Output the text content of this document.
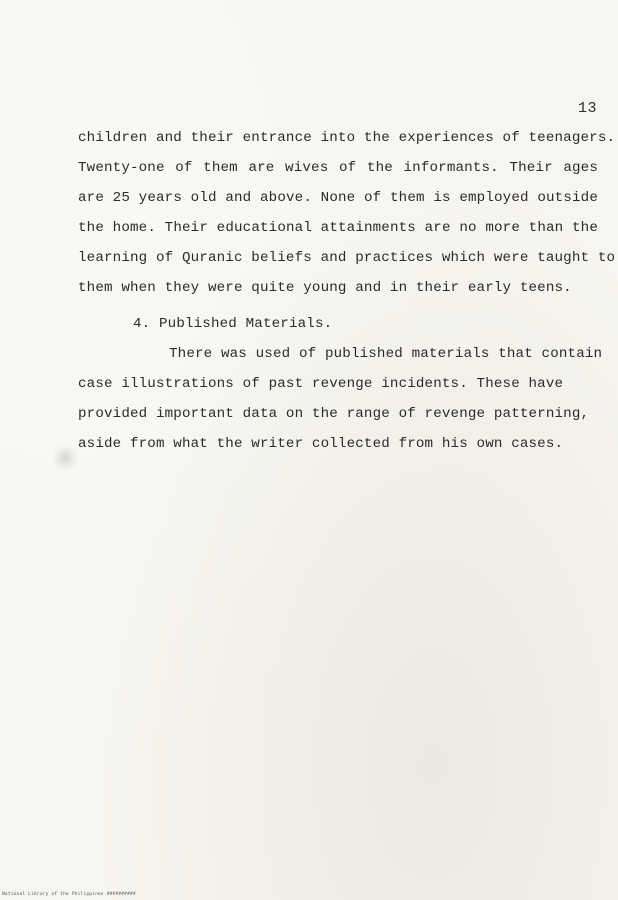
13
children and their entrance into the experiences of teenagers.
Twenty-one of them are wives of the informants. Their ages
are 25 years old and above. None of them is employed outside
the home. Their educational attainments are no more than the
learning of Quranic beliefs and practices which were taught to
them when they were quite young and in their early teens.
4. Published Materials.
There was used of published materials that contain
case illustrations of past revenge incidents. These have
provided important data on the range of revenge patterning,
aside from what the writer collected from his own cases.
National Library of the Philippines ##########
